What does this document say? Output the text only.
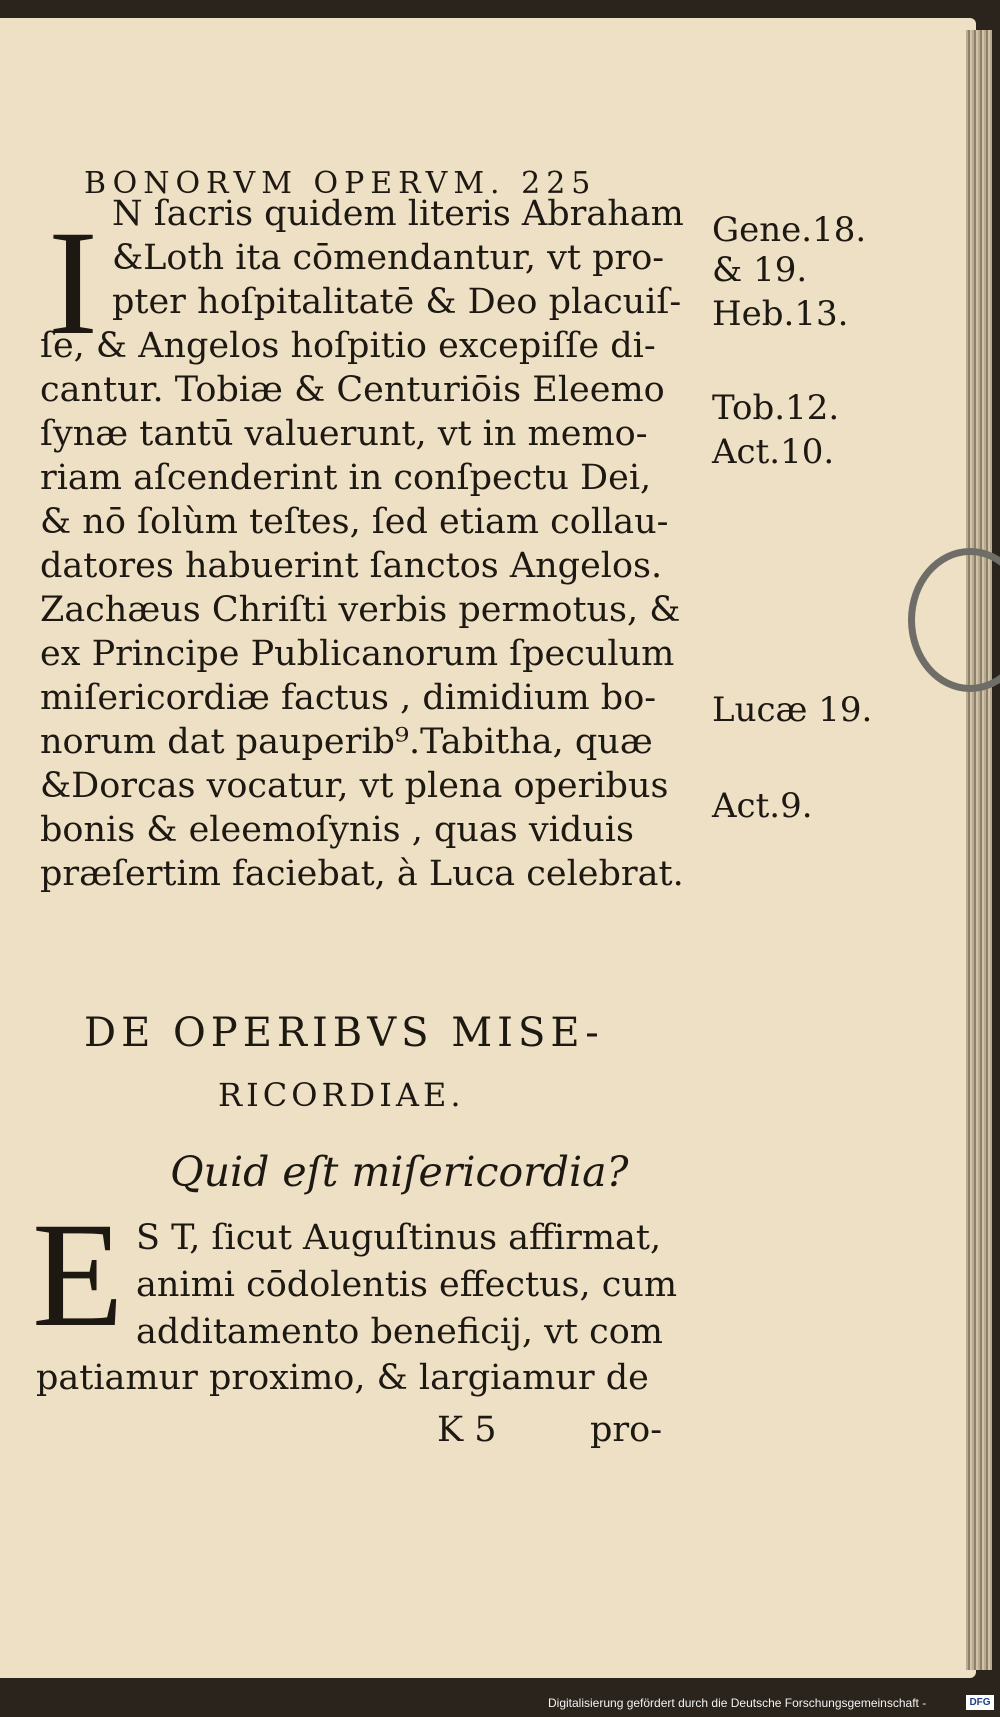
BONORVM OPERVM. 225
I N ſacris quidem literis Abraham
&Loth ita cōmendantur, vt pro-
pter hoſpitalitatē & Deo placuiſ-
ſe, & Angelos hoſpitio excepiſſe di-
cantur. Tobiæ & Centuriōis Eleemo
ſynæ tantū valuerunt, vt in memo-
riam aſcenderint in conſpectu Dei,
& nō ſolùm teſtes, ſed etiam collau-
datores habuerint ſanctos Angelos.
Zachæus Chriſti verbis permotus, &
ex Principe Publicanorum ſpeculum
miſericordiæ factus , dimidium bo-
norum dat pauperib⁹.Tabitha, quæ
&Dorcas vocatur, vt plena operibus
bonis & eleemoſynis , quas viduis
præſertim faciebat, à Luca celebrat.
Gene.18.
& 19.
Heb.13.
Tob.12.
Act.10.
Lucæ 19.
Act.9.
DE OPERIBVS MISE-
RICORDIAE.
Quid eſt miſericordia?
E S T, ſicut Auguſtinus affirmat,
animi cōdolentis effectus, cum
additamento beneficij, vt com
patiamur proximo, & largiamur de
K 5	pro-
Digitalisierung gefördert durch die Deutsche Forschungsgemeinschaft -	DFG
